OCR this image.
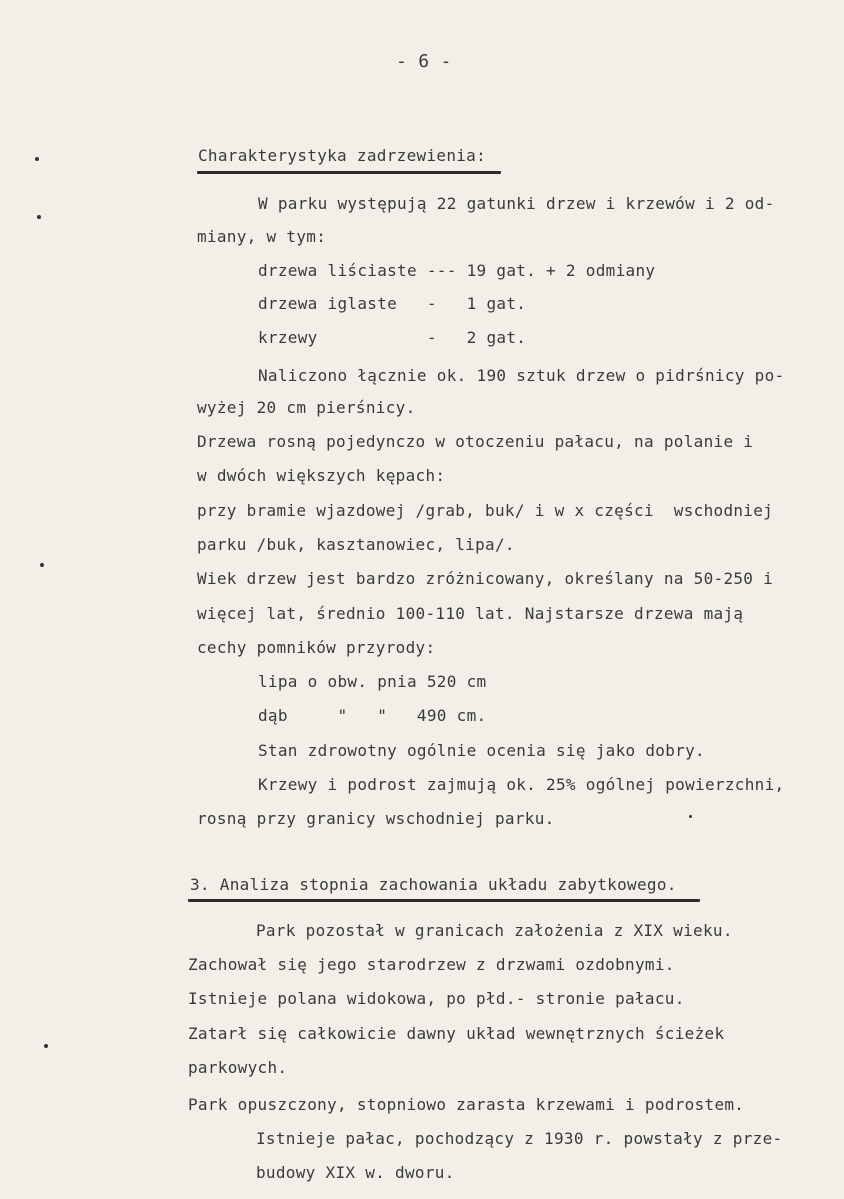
- 6 -
Charakterystyka zadrzewienia:
W parku występują 22 gatunki drzew i krzewów i 2 od-
miany, w tym:
drzewa liściaste --- 19 gat. + 2 odmiany
drzewa iglaste   -   1 gat.
krzewy           -   2 gat.
Naliczono łącznie ok. 190 sztuk drzew o pidrśnicy po-
wyżej 20 cm pierśnicy.
Drzewa rosną pojedynczo w otoczeniu pałacu, na polanie i
w dwóch większych kępach:
przy bramie wjazdowej /grab, buk/ i w x części  wschodniej
parku /buk, kasztanowiec, lipa/.
Wiek drzew jest bardzo zróżnicowany, określany na 50-250 i
więcej lat, średnio 100-110 lat. Najstarsze drzewa mają
cechy pomników przyrody:
lipa o obw. pnia 520 cm
dąb     "   "   490 cm.
Stan zdrowotny ogólnie ocenia się jako dobry.
Krzewy i podrost zajmują ok. 25% ogólnej powierzchni,
rosną przy granicy wschodniej parku.
3. Analiza stopnia zachowania układu zabytkowego.
Park pozostał w granicach założenia z XIX wieku.
Zachował się jego starodrzew z drzwami ozdobnymi.
Istnieje polana widokowa, po płd.- stronie pałacu.
Zatarł się całkowicie dawny układ wewnętrznych ścieżek
parkowych.
Park opuszczony, stopniowo zarasta krzewami i podrostem.
Istnieje pałac, pochodzący z 1930 r. powstały z prze-
budowy XIX w. dworu.
